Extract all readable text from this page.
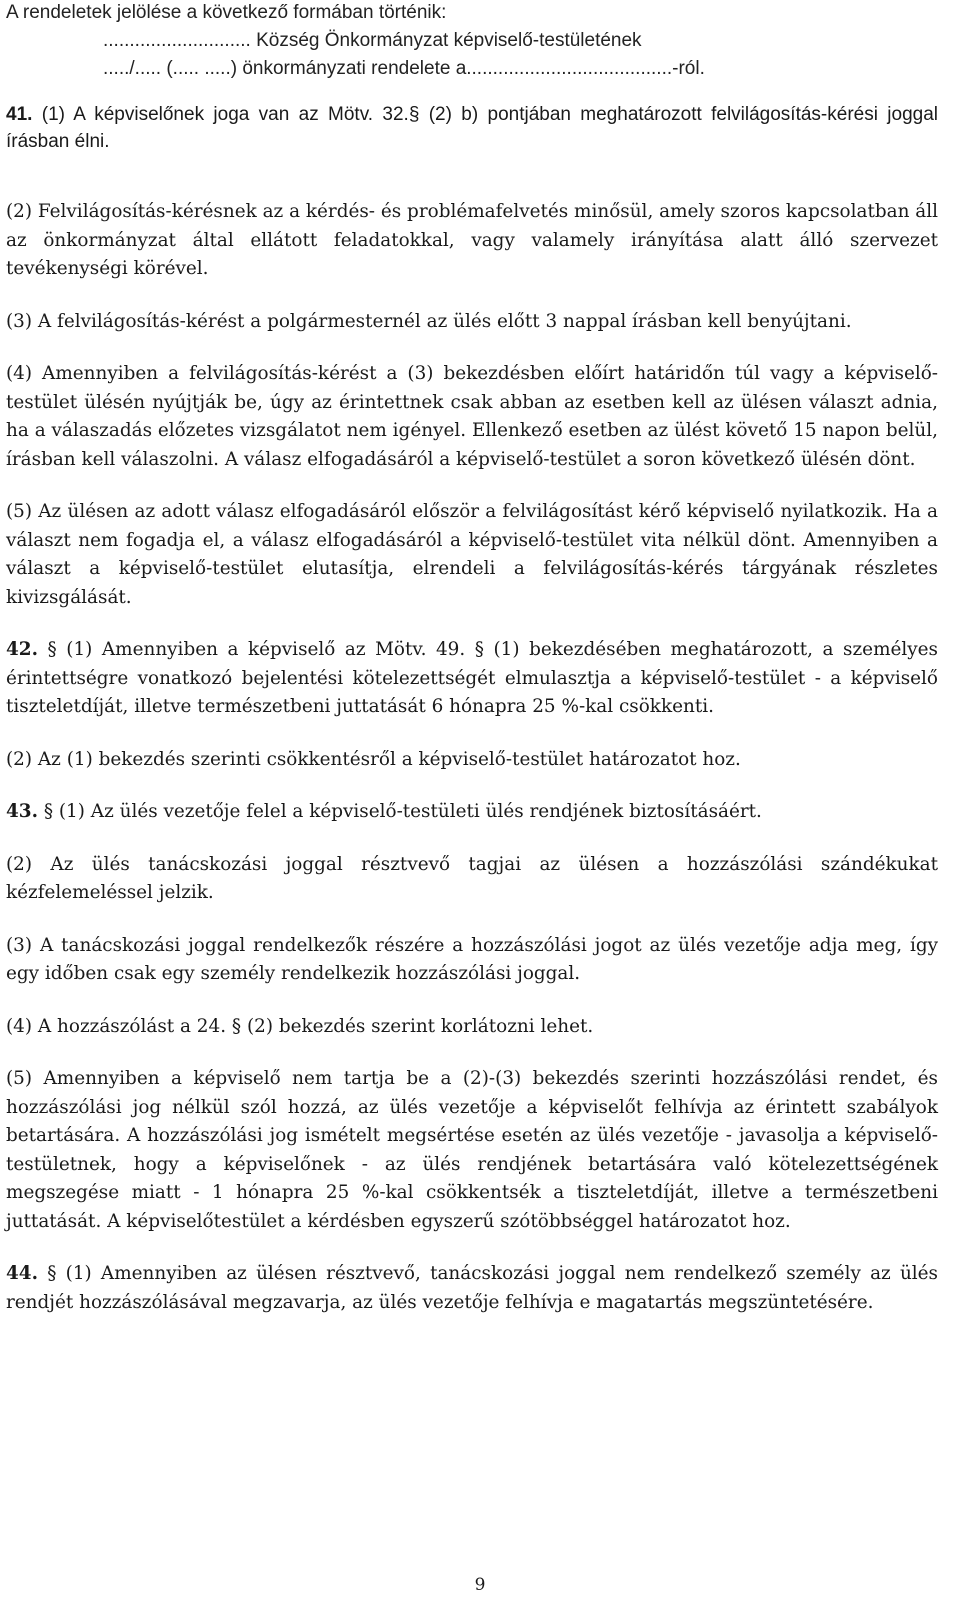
A rendeletek jelölése a következő formában történik:
............................ Község Önkormányzat képviselő-testületének
...../..... (..... .....) önkormányzati rendelete a.......................................-ról.

41. (1) A képviselőnek joga van az Mötv. 32.§ (2) b) pontjában meghatározott felvilágosítás-kérési joggal írásban élni.

(2) Felvilágosítás-kérésnek az a kérdés- és problémafelvetés minősül, amely szoros kapcsolatban áll az önkormányzat által ellátott feladatokkal, vagy valamely irányítása alatt álló szervezet tevékenységi körével.

(3) A felvilágosítás-kérést a polgármesternél az ülés előtt 3 nappal írásban kell benyújtani.

(4) Amennyiben a felvilágosítás-kérést a (3) bekezdésben előírt határidőn túl vagy a képviselő-testület ülésén nyújtják be, úgy az érintettnek csak abban az esetben kell az ülésen választ adnia, ha a válaszadás előzetes vizsgálatot nem igényel. Ellenkező esetben az ülést követő 15 napon belül, írásban kell válaszolni. A válasz elfogadásáról a képviselő-testület a soron következő ülésén dönt.

(5) Az ülésen az adott válasz elfogadásáról először a felvilágosítást kérő képviselő nyilatkozik. Ha a választ nem fogadja el, a válasz elfogadásáról a képviselő-testület vita nélkül dönt. Amennyiben a választ a képviselő-testület elutasítja, elrendeli a felvilágosítás-kérés tárgyának részletes kivizsgálását.

42. § (1) Amennyiben a képviselő az Mötv. 49. § (1) bekezdésében meghatározott, a személyes érintettségre vonatkozó bejelentési kötelezettségét elmulasztja a képviselő-testület - a képviselő tiszteletdíját, illetve természetbeni juttatását 6 hónapra 25 %-kal csökkenti.

(2) Az (1) bekezdés szerinti csökkentésről a képviselő-testület határozatot hoz.

43. § (1) Az ülés vezetője felel a képviselő-testületi ülés rendjének biztosításáért.

(2) Az ülés tanácskozási joggal résztvevő tagjai az ülésen a hozzászólási szándékukat kézfelemeléssel jelzik.

(3) A tanácskozási joggal rendelkezők részére a hozzászólási jogot az ülés vezetője adja meg, így egy időben csak egy személy rendelkezik hozzászólási joggal.

(4) A hozzászólást a 24. § (2) bekezdés szerint korlátozni lehet.

(5) Amennyiben a képviselő nem tartja be a (2)-(3) bekezdés szerinti hozzászólási rendet, és hozzászólási jog nélkül szól hozzá, az ülés vezetője a képviselőt felhívja az érintett szabályok betartására. A hozzászólási jog ismételt megsértése esetén az ülés vezetője - javasolja a képviselő-testületnek, hogy a képviselőnek - az ülés rendjének betartására való kötelezettségének megszegése miatt - 1 hónapra 25 %-kal csökkentsék a tiszteletdíját, illetve a természetbeni juttatását. A képviselőtestület a kérdésben egyszerű szótöbbséggel határozatot hoz.

44. § (1) Amennyiben az ülésen résztvevő, tanácskozási joggal nem rendelkező személy az ülés rendjét hozzászólásával megzavarja, az ülés vezetője felhívja e magatartás megszüntetésére.

9
